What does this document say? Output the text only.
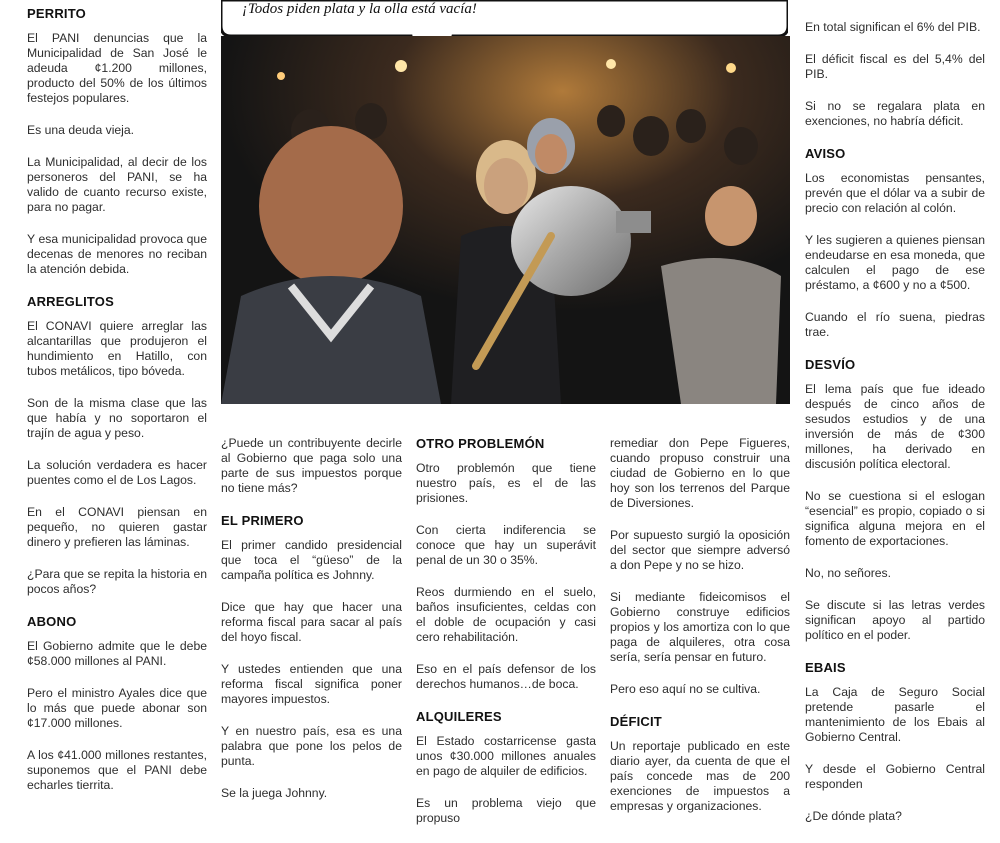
PERRITO

El PANI denuncias que la Municipalidad de San José le adeuda ¢1.200 millones, producto del 50% de los últimos festejos populares.

Es una deuda vieja.

La Municipalidad, al decir de los personeros del PANI, se ha valido de cuanto recurso existe, para no pagar.

Y esa municipalidad provoca que decenas de menores no reciban la atención debida.

ARREGLITOS

El CONAVI quiere arreglar las alcantarillas que produjeron el hundimiento en Hatillo, con tubos metálicos, tipo bóveda.

Son de la misma clase que las que había y no soportaron el trajín de agua y peso.

La solución verdadera es hacer puentes como el de Los Lagos.

En el CONAVI piensan en pequeño, no quieren gastar dinero y prefieren las láminas.

¿Para que se repita la historia en pocos años?

ABONO

El Gobierno admite que le debe ¢58.000 millones al PANI.

Pero el ministro Ayales dice que lo más que puede abonar son ¢17.000 millones.

A los ¢41.000 millones restantes, suponemos que el PANI debe echarles tierrita.

¡Todos piden plata y la olla está vacía!

¿Puede un contribuyente decirle al Gobierno que paga solo una parte de sus impuestos porque no tiene más?

EL PRIMERO

El primer candido presidencial que toca el “güeso” de la campaña política es Johnny.

Dice que hay que hacer una reforma fiscal para sacar al país del hoyo fiscal.

Y ustedes entienden que una reforma fiscal significa poner mayores impuestos.

Y en nuestro país, esa es una palabra que pone los pelos de punta.

Se la juega Johnny.

OTRO PROBLEMÓN

Otro problemón que tiene nuestro país, es el de las prisiones.

Con cierta indiferencia se conoce que hay un superávit penal de un 30 o 35%.

Reos durmiendo en el suelo, baños insuficientes, celdas con el doble de ocupación y casi cero rehabilitación.

Eso en el país defensor de los derechos humanos…de boca.

ALQUILERES

El Estado costarricense gasta unos ¢30.000 millones anuales en pago de alquiler de edificios.

Es un problema viejo que propuso

remediar don Pepe Figueres, cuando propuso construir una ciudad de Gobierno en lo que hoy son los terrenos del Parque de Diversiones.

Por supuesto surgió la oposición del sector que siempre adversó a don Pepe y no se hizo.

Si mediante fideicomisos el Gobierno construye edificios propios y los amortiza con lo que paga de alquileres, otra cosa sería, sería pensar en futuro.

Pero eso aquí no se cultiva.

DÉFICIT

Un reportaje publicado en este diario ayer, da cuenta de que el país concede mas de 200 exenciones de impuestos a empresas y organizaciones.

En total significan el 6% del PIB.

El déficit fiscal es del 5,4% del PIB.

Si no se regalara plata en exenciones, no habría déficit.

AVISO

Los economistas pensantes, prevén que el dólar va a subir de precio con relación al colón.

Y les sugieren a quienes piensan endeudarse en esa moneda, que calculen el pago de ese préstamo, a ¢600 y no a ¢500.

Cuando el río suena, piedras trae.

DESVÍO

El lema país que fue ideado después de cinco años de sesudos estudios y de una inversión de más de ¢300 millones, ha derivado en discusión política electoral.

No se cuestiona si el eslogan “esencial” es propio, copiado o si significa alguna mejora en el fomento de exportaciones.

No, no señores.

Se discute si las letras verdes significan apoyo al partido político en el poder.

EBAIS

La Caja de Seguro Social pretende pasarle el mantenimiento de los Ebais al Gobierno Central.

Y desde el Gobierno Central responden

¿De dónde plata?
